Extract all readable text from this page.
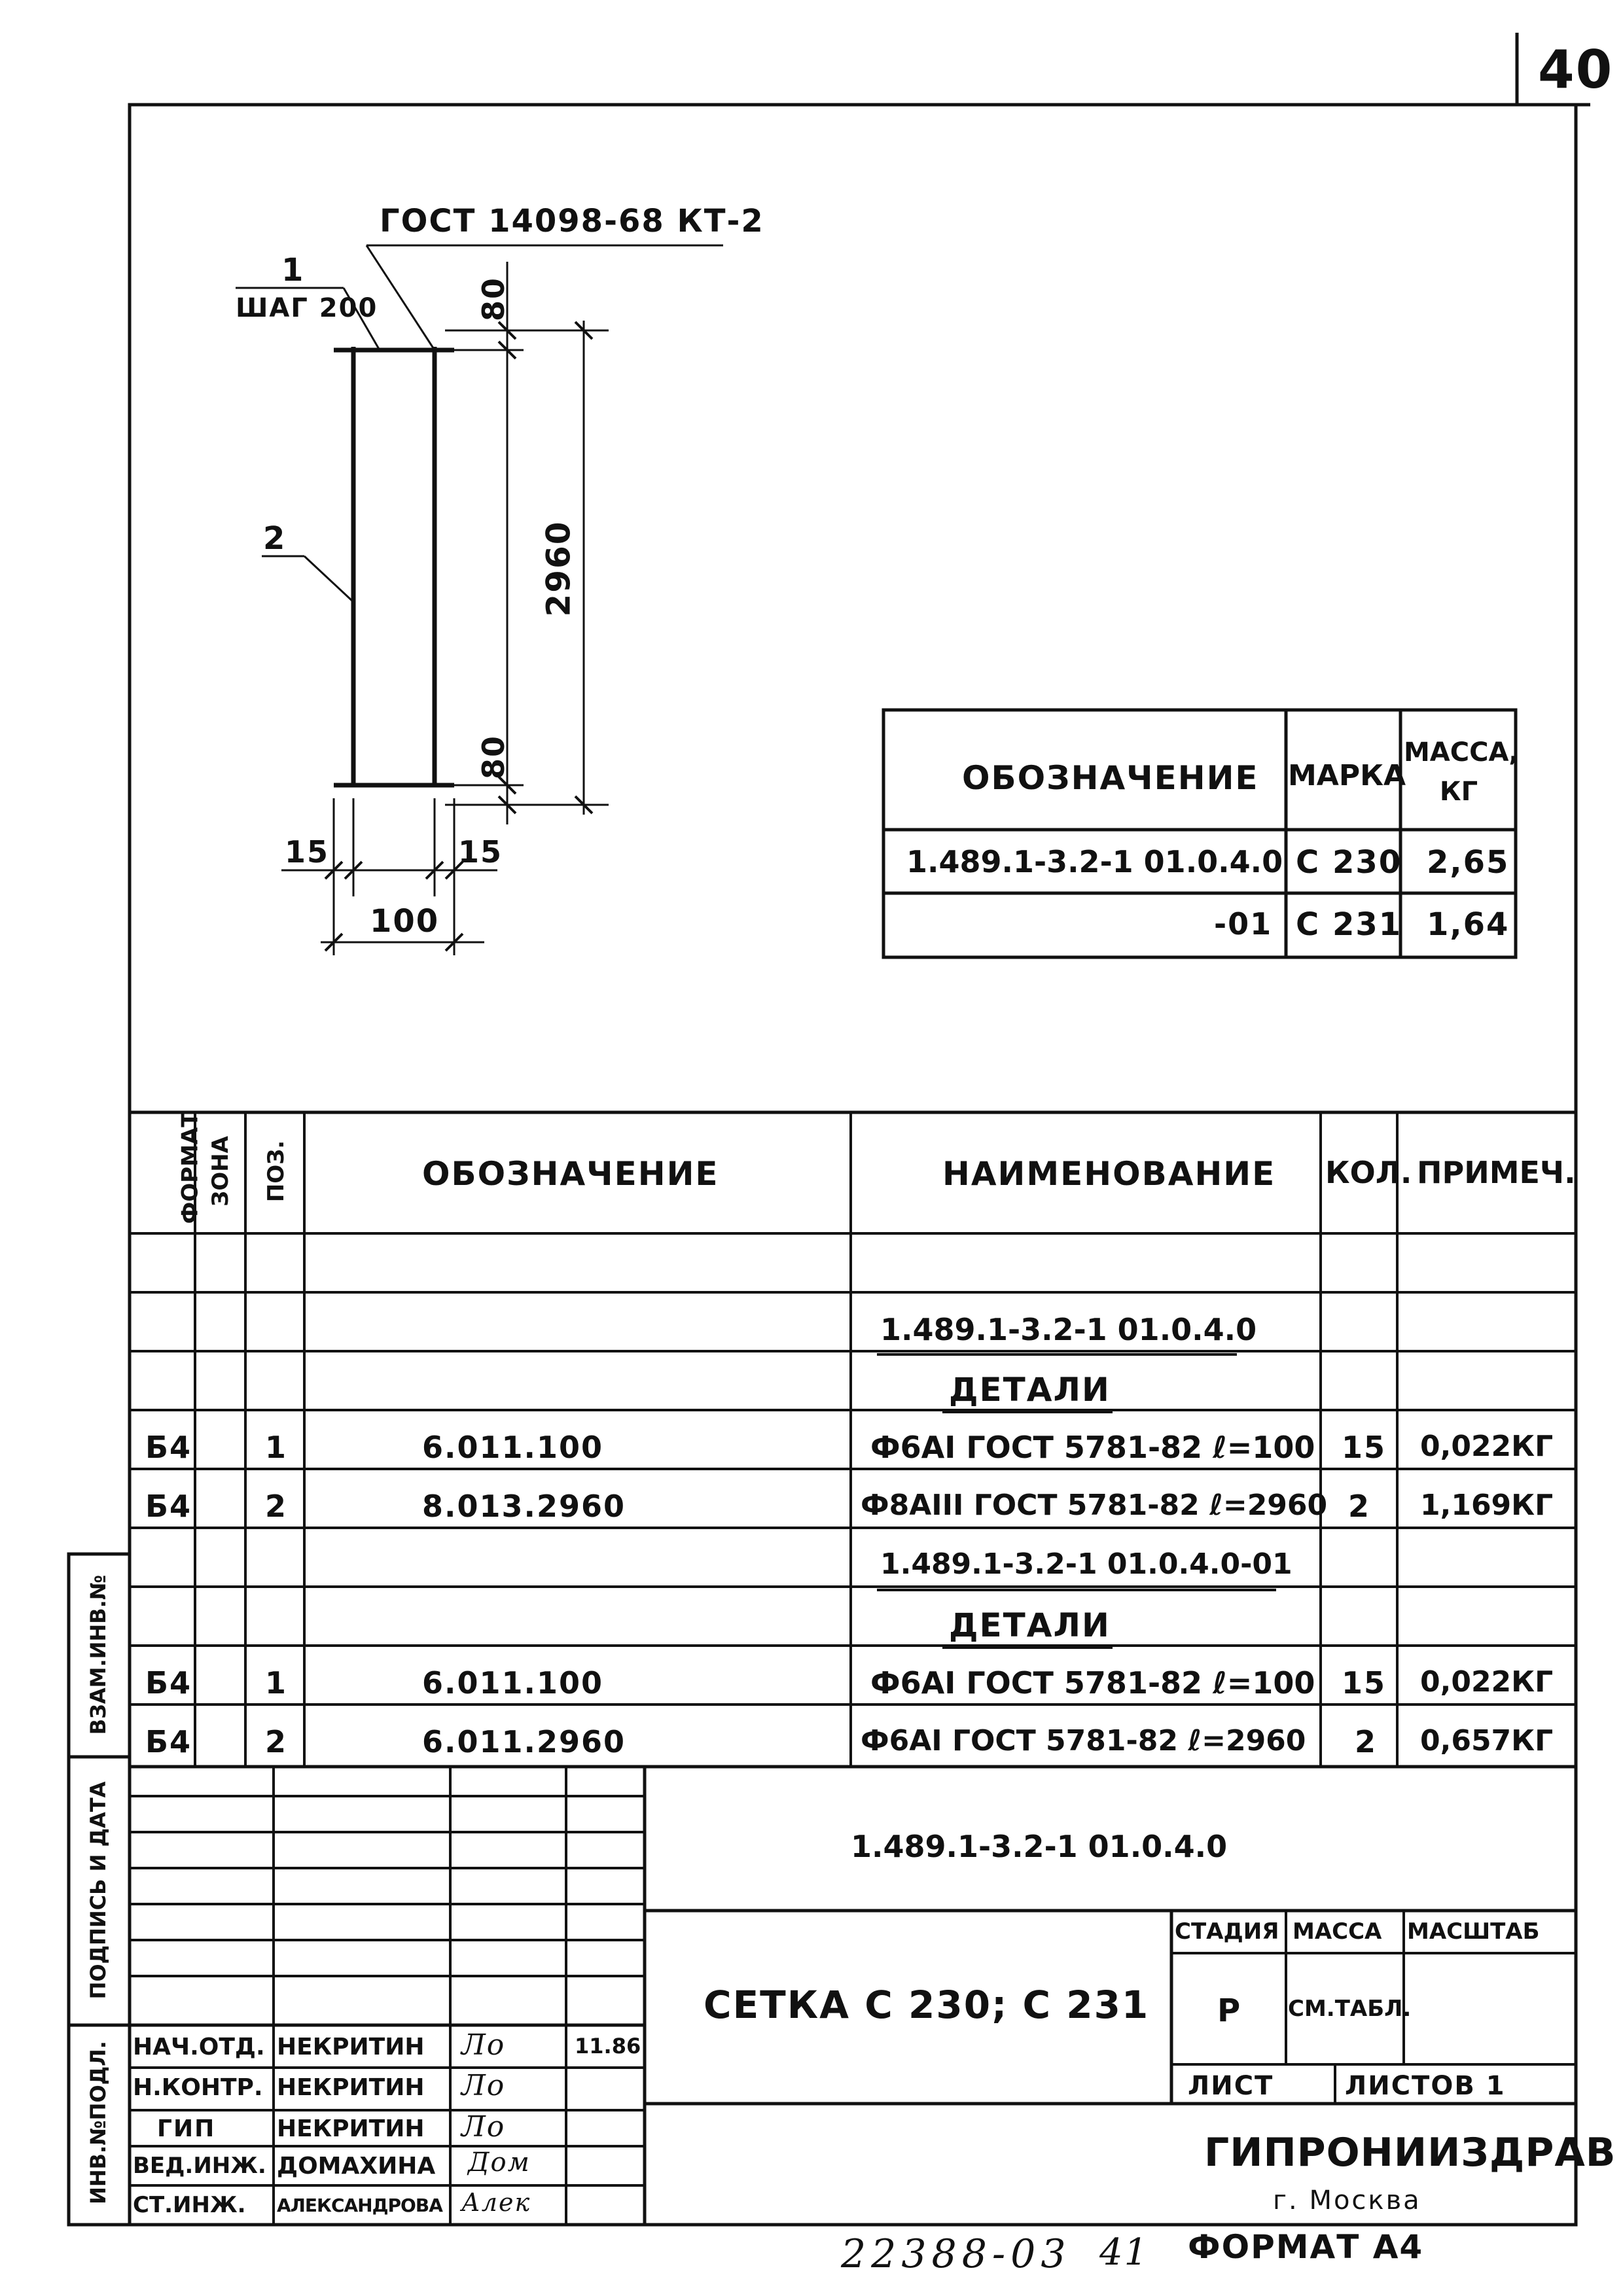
40
ГОСТ 14098-68 КТ-2
1
ШАГ 200
2
80
2960
80
15	15
100
ОБОЗНАЧЕНИЕ МАРКА
МАССА, КГ
1.489.1-3.2-1 01.0.4.0 С 230 2,65
-01 С 231 1,64
ФОРМАТ ЗОНА ПОЗ.	ОБОЗНАЧЕНИЕ	НАИМЕНОВАНИЕ КОЛ. ПРИМЕЧ.
1.489.1-3.2-1 01.0.4.0
ДЕТАЛИ
Б4 1	6.011.100	Ф6АI ГОСТ 5781-82 ℓ=100 15 0,022КГ
Б4 2	8.013.2960	Ф8АIII ГОСТ 5781-82 ℓ=2960 2 1,169КГ
1.489.1-3.2-1 01.0.4.0-01
ДЕТАЛИ
Б4 1	6.011.100	Ф6АI ГОСТ 5781-82 ℓ=100 15 0,022КГ
Б4 2	6.011.2960	Ф6АI ГОСТ 5781-82 ℓ=2960 2 0,657КГ
ВЗАМ.ИНВ.№
ПОДПИСЬ И ДАТА
ИНВ.№ПОДЛ.
1.489.1-3.2-1 01.0.4.0
СЕТКА С 230; С 231
СТАДИЯ МАССА МАСШТАБ
Р СМ.ТАБЛ.
ЛИСТ	ЛИСТОВ 1
ГИПРОНИИЗДРАВ
г. Москва
НАЧ.ОТД. НЕКРИТИН Ло	11.86
Н.КОНТР. НЕКРИТИН Ло
ГИП	НЕКРИТИН Ло
ВЕД.ИНЖ. ДОМАХИНА Дом
СТ.ИНЖ. АЛЕКСАНДРОВА Алек
22388-03 41 ФОРМАТ А4
